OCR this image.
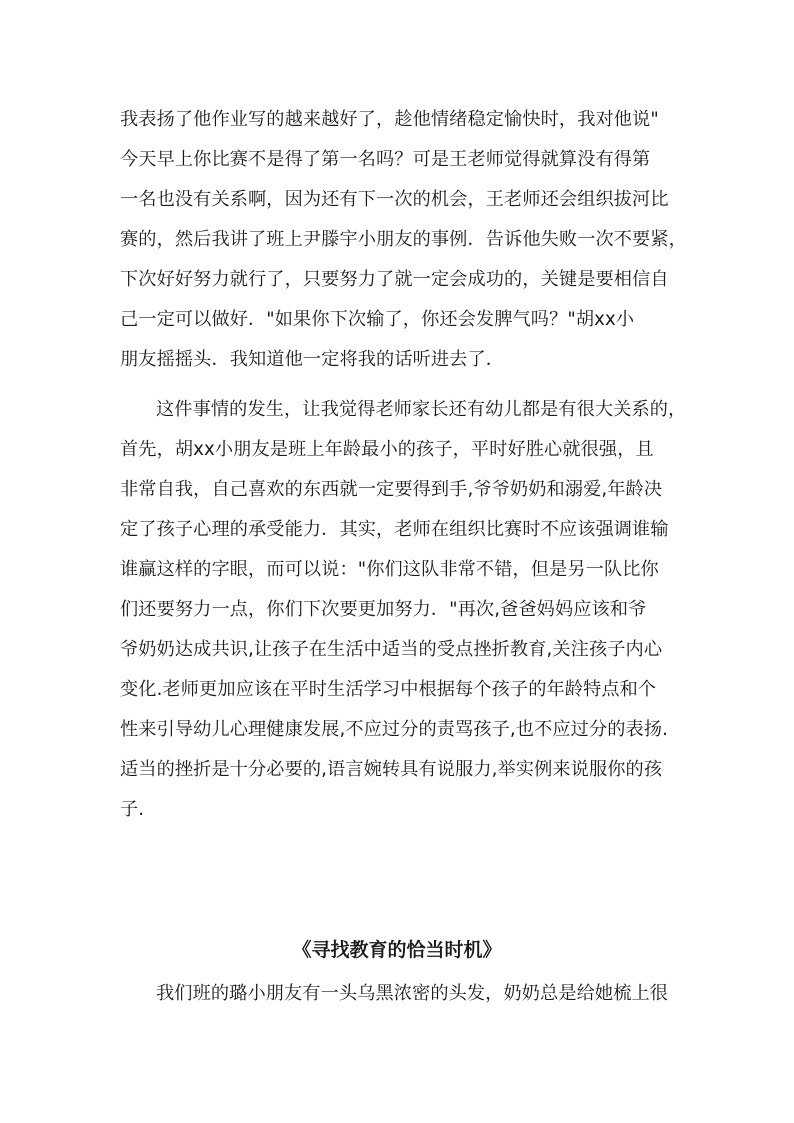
我表扬了他作业写的越来越好了，趁他情绪稳定愉快时，我对他说"
今天早上你比赛不是得了第一名吗？可是王老师觉得就算没有得第
一名也没有关系啊，因为还有下一次的机会，王老师还会组织拔河比
赛的，然后我讲了班上尹滕宇小朋友的事例．告诉他失败一次不要紧，
下次好好努力就行了，只要努力了就一定会成功的，关键是要相信自
己一定可以做好．"如果你下次输了，你还会发脾气吗？"胡xx小
朋友摇摇头．我知道他一定将我的话听进去了．
这件事情的发生，让我觉得老师家长还有幼儿都是有很大关系的，
首先，胡xx小朋友是班上年龄最小的孩子，平时好胜心就很强，且
非常自我，自己喜欢的东西就一定要得到手,爷爷奶奶和溺爱,年龄决
定了孩子心理的承受能力．其实，老师在组织比赛时不应该强调谁输
谁赢这样的字眼，而可以说："你们这队非常不错，但是另一队比你
们还要努力一点，你们下次要更加努力．"再次,爸爸妈妈应该和爷
爷奶奶达成共识,让孩子在生活中适当的受点挫折教育,关注孩子内心
变化.老师更加应该在平时生活学习中根据每个孩子的年龄特点和个
性来引导幼儿心理健康发展,不应过分的责骂孩子,也不应过分的表扬.
适当的挫折是十分必要的,语言婉转具有说服力,举实例来说服你的孩
子.
《寻找教育的恰当时机》
我们班的璐小朋友有一头乌黑浓密的头发，奶奶总是给她梳上很
